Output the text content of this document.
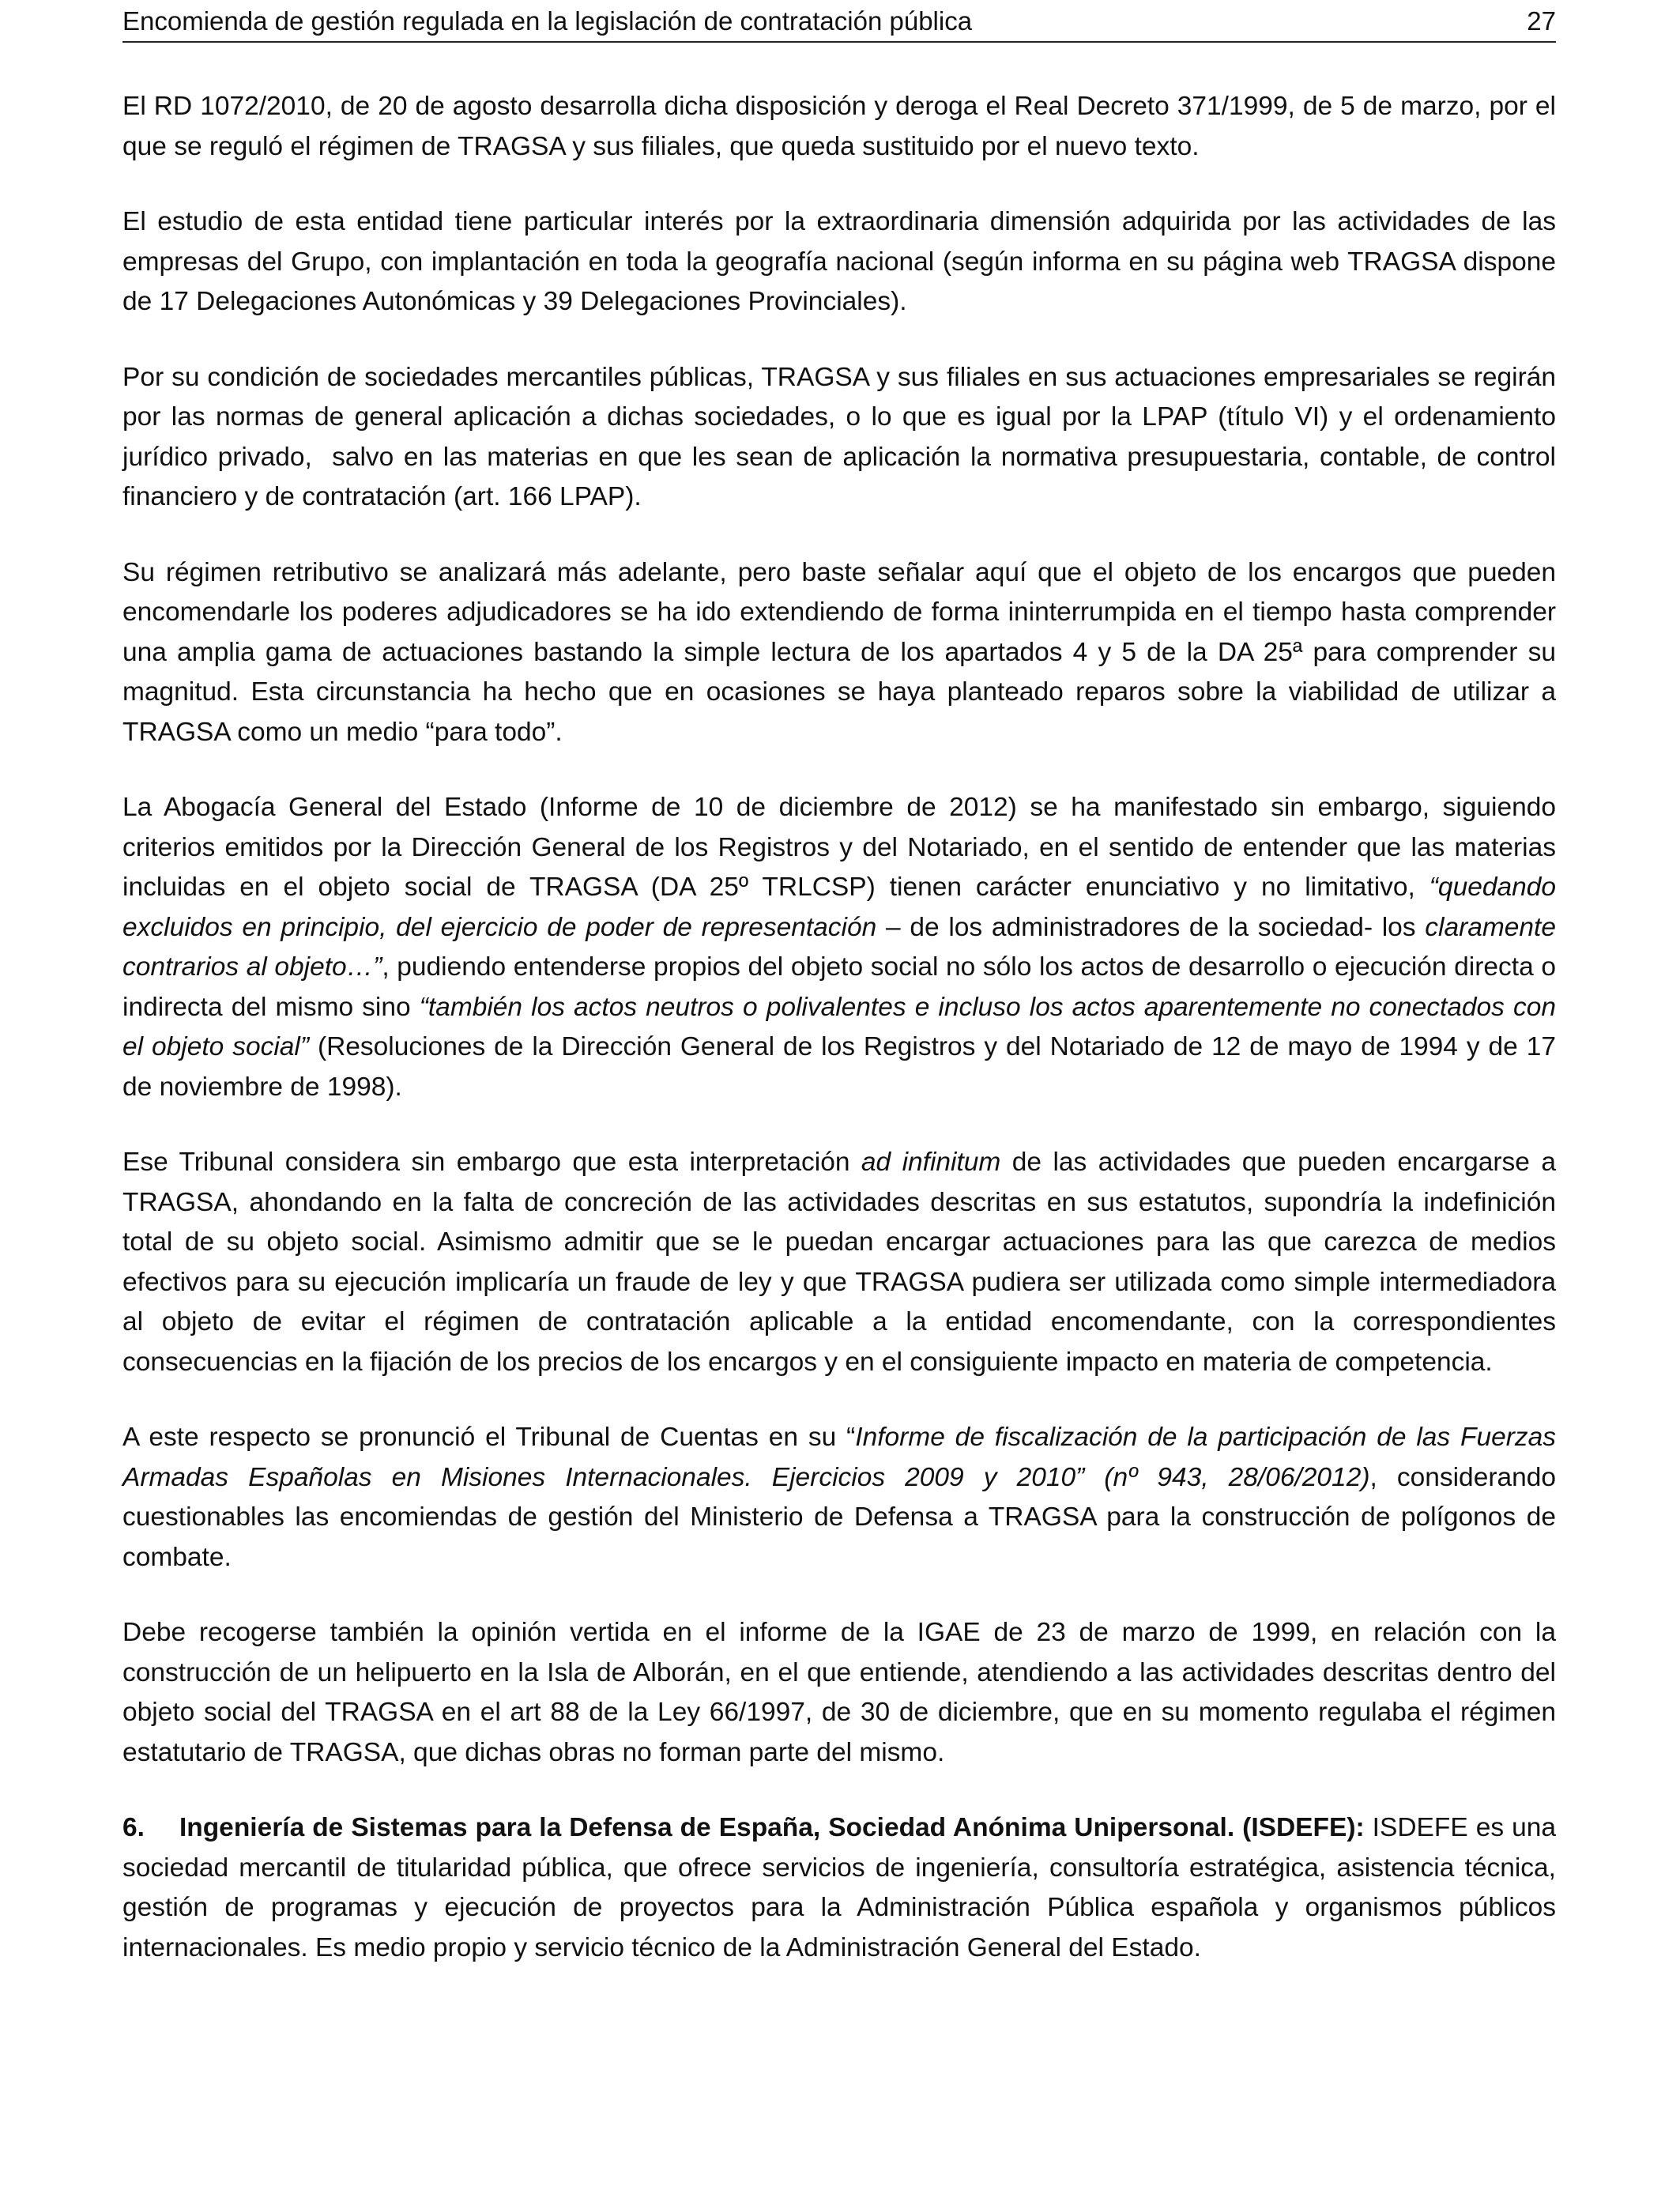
Encomienda de gestión regulada en la legislación de contratación pública	27

El RD 1072/2010, de 20 de agosto desarrolla dicha disposición y deroga el Real Decreto 371/1999, de 5 de marzo, por el que se reguló el régimen de TRAGSA y sus filiales, que queda sustituido por el nuevo texto.

El estudio de esta entidad tiene particular interés por la extraordinaria dimensión adquirida por las actividades de las empresas del Grupo, con implantación en toda la geografía nacional (según informa en su página web TRAGSA dispone de 17 Delegaciones Autonómicas y 39 Delegaciones Provinciales).

Por su condición de sociedades mercantiles públicas, TRAGSA y sus filiales en sus actuaciones empresariales se regirán por las normas de general aplicación a dichas sociedades, o lo que es igual por la LPAP (título VI) y el ordenamiento jurídico privado,  salvo en las materias en que les sean de aplicación la normativa presupuestaria, contable, de control financiero y de contratación (art. 166 LPAP).

Su régimen retributivo se analizará más adelante, pero baste señalar aquí que el objeto de los encargos que pueden encomendarle los poderes adjudicadores se ha ido extendiendo de forma ininterrumpida en el tiempo hasta comprender una amplia gama de actuaciones bastando la simple lectura de los apartados 4 y 5 de la DA 25ª para comprender su magnitud. Esta circunstancia ha hecho que en ocasiones se haya planteado reparos sobre la viabilidad de utilizar a TRAGSA como un medio “para todo”.

La Abogacía General del Estado (Informe de 10 de diciembre de 2012) se ha manifestado sin embargo, siguiendo criterios emitidos por la Dirección General de los Registros y del Notariado, en el sentido de entender que las materias incluidas en el objeto social de TRAGSA (DA 25º TRLCSP) tienen carácter enunciativo y no limitativo, “quedando excluidos en principio, del ejercicio de poder de representación – de los administradores de la sociedad- los claramente contrarios al objeto…”, pudiendo entenderse propios del objeto social no sólo los actos de desarrollo o ejecución directa o indirecta del mismo sino “también los actos neutros o polivalentes e incluso los actos aparentemente no conectados con el objeto social” (Resoluciones de la Dirección General de los Registros y del Notariado de 12 de mayo de 1994 y de 17 de noviembre de 1998).

Ese Tribunal considera sin embargo que esta interpretación ad infinitum de las actividades que pueden encargarse a TRAGSA, ahondando en la falta de concreción de las actividades descritas en sus estatutos, supondría la indefinición total de su objeto social. Asimismo admitir que se le puedan encargar actuaciones para las que carezca de medios efectivos para su ejecución implicaría un fraude de ley y que TRAGSA pudiera ser utilizada como simple intermediadora al objeto de evitar el régimen de contratación aplicable a la entidad encomendante, con la correspondientes consecuencias en la fijación de los precios de los encargos y en el consiguiente impacto en materia de competencia.

A este respecto se pronunció el Tribunal de Cuentas en su “Informe de fiscalización de la participación de las Fuerzas Armadas Españolas en Misiones Internacionales. Ejercicios 2009 y 2010” (nº 943, 28/06/2012), considerando cuestionables las encomiendas de gestión del Ministerio de Defensa a TRAGSA para la construcción de polígonos de combate.

Debe recogerse también la opinión vertida en el informe de la IGAE de 23 de marzo de 1999, en relación con la construcción de un helipuerto en la Isla de Alborán, en el que entiende, atendiendo a las actividades descritas dentro del objeto social del TRAGSA en el art 88 de la Ley 66/1997, de 30 de diciembre, que en su momento regulaba el régimen estatutario de TRAGSA, que dichas obras no forman parte del mismo.

6. Ingeniería de Sistemas para la Defensa de España, Sociedad Anónima Unipersonal. (ISDEFE): ISDEFE es una sociedad mercantil de titularidad pública, que ofrece servicios de ingeniería, consultoría estratégica, asistencia técnica, gestión de programas y ejecución de proyectos para la Administración Pública española y organismos públicos internacionales. Es medio propio y servicio técnico de la Administración General del Estado.
